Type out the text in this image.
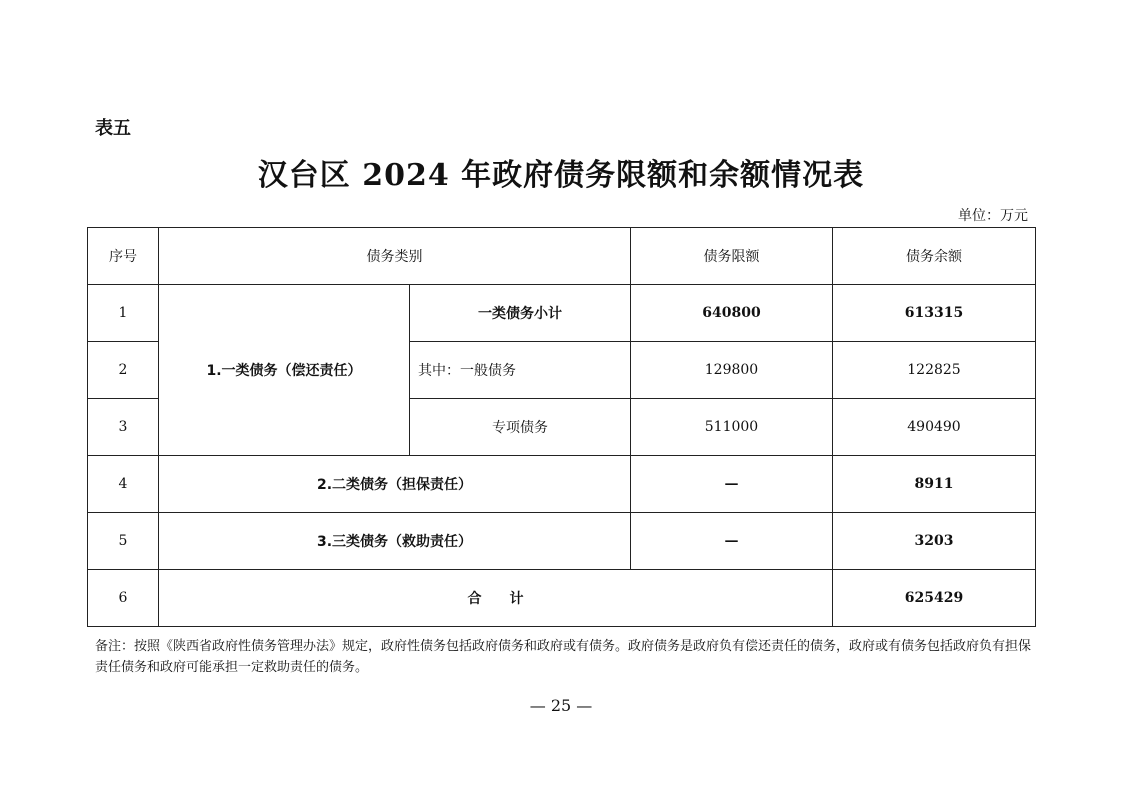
表五
汉台区 2024 年政府债务限额和余额情况表
单位：万元
序号	债务类别		债务限额	债务余额
1	1.一类债务（偿还责任）	一类债务小计	640800	613315
2		其中：一般债务	129800	122825
3		专项债务	511000	490490
4	2.二类债务（担保责任）		—	8911
5	3.三类债务（救助责任）		—	3203
6	合　　计			625429
备注：按照《陕西省政府性债务管理办法》规定，政府性债务包括政府债务和政府或有债务。政府债务是政府负有偿还责任的债务，政府或有债务包括政府负有担保责任债务和政府可能承担一定救助责任的债务。
— 25 —
